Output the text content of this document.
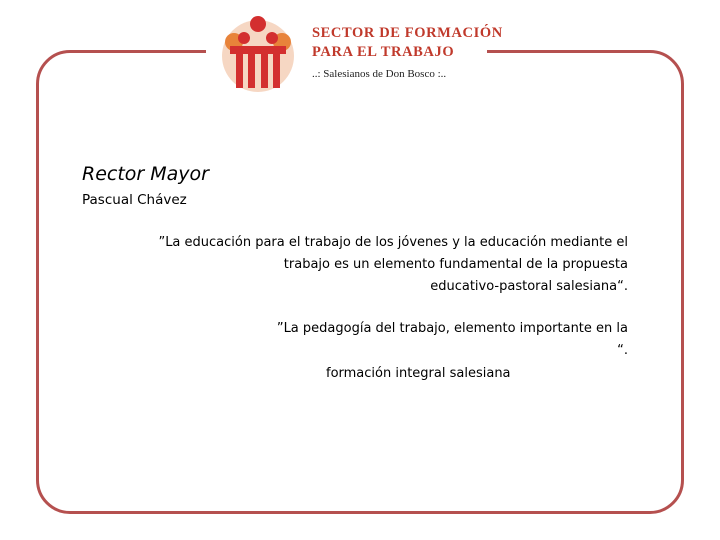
SECTOR DE FORMACIÓN
PARA EL TRABAJO
..: Salesianos de Don Bosco :..
Rector Mayor
Pascual Chávez
”La educación para el trabajo de los jóvenes y la educación mediante el
trabajo es un elemento fundamental de la propuesta
educativo-pastoral salesiana“.
”La pedagogía del trabajo, elemento importante en la
“.
formación integral salesiana
